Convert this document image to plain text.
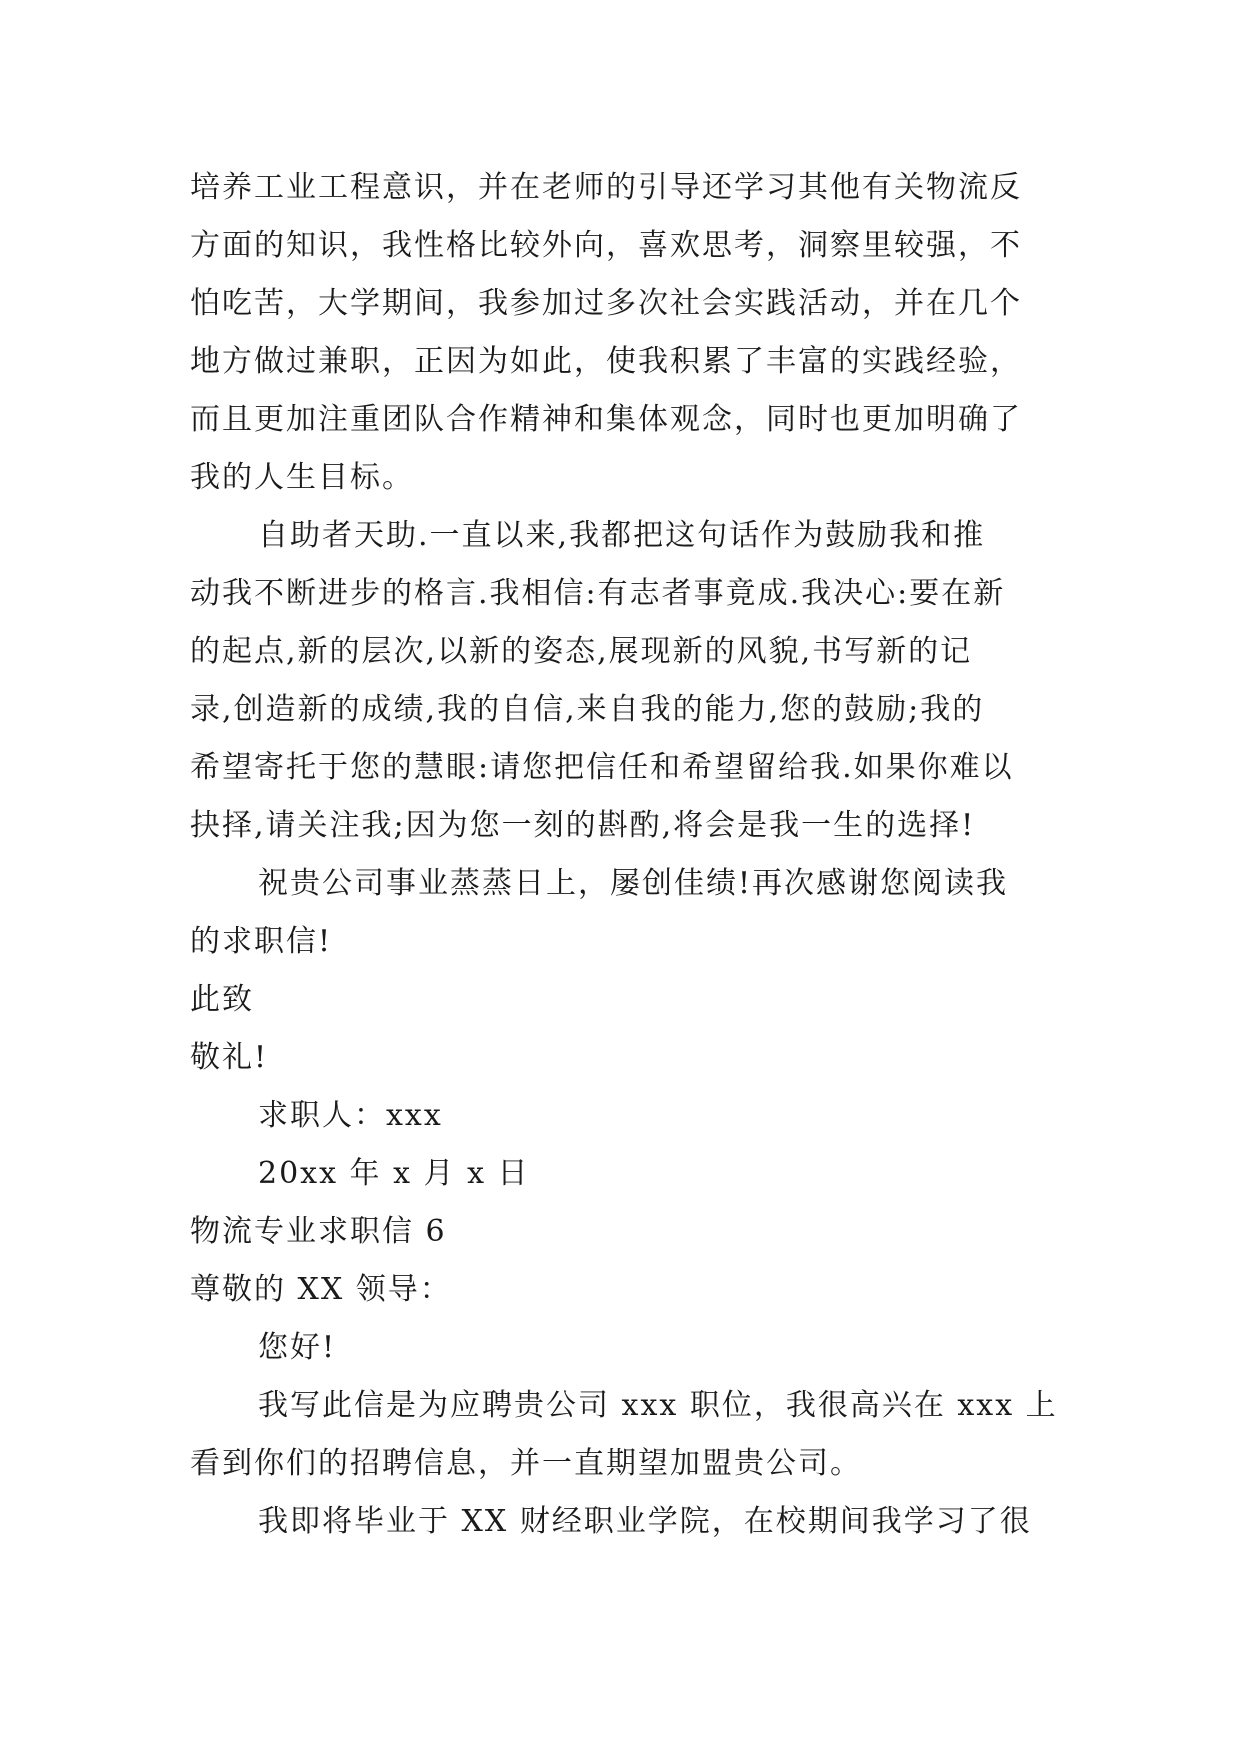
培养工业工程意识，并在老师的引导还学习其他有关物流反

方面的知识，我性格比较外向，喜欢思考，洞察里较强，不

怕吃苦，大学期间，我参加过多次社会实践活动，并在几个

地方做过兼职，正因为如此，使我积累了丰富的实践经验，

而且更加注重团队合作精神和集体观念，同时也更加明确了

我的人生目标。

自助者天助.一直以来,我都把这句话作为鼓励我和推

动我不断进步的格言.我相信:有志者事竟成.我决心:要在新

的起点,新的层次,以新的姿态,展现新的风貌,书写新的记

录,创造新的成绩,我的自信,来自我的能力,您的鼓励;我的

希望寄托于您的慧眼:请您把信任和希望留给我.如果你难以

抉择,请关注我;因为您一刻的斟酌,将会是我一生的选择!

祝贵公司事业蒸蒸日上，屡创佳绩!再次感谢您阅读我

的求职信!

此致

敬礼!

求职人：xxx

20xx 年 x 月 x 日

物流专业求职信 6

尊敬的 XX 领导：

您好!

我写此信是为应聘贵公司 xxx 职位，我很高兴在 xxx 上

看到你们的招聘信息，并一直期望加盟贵公司。

我即将毕业于 XX 财经职业学院，在校期间我学习了很
